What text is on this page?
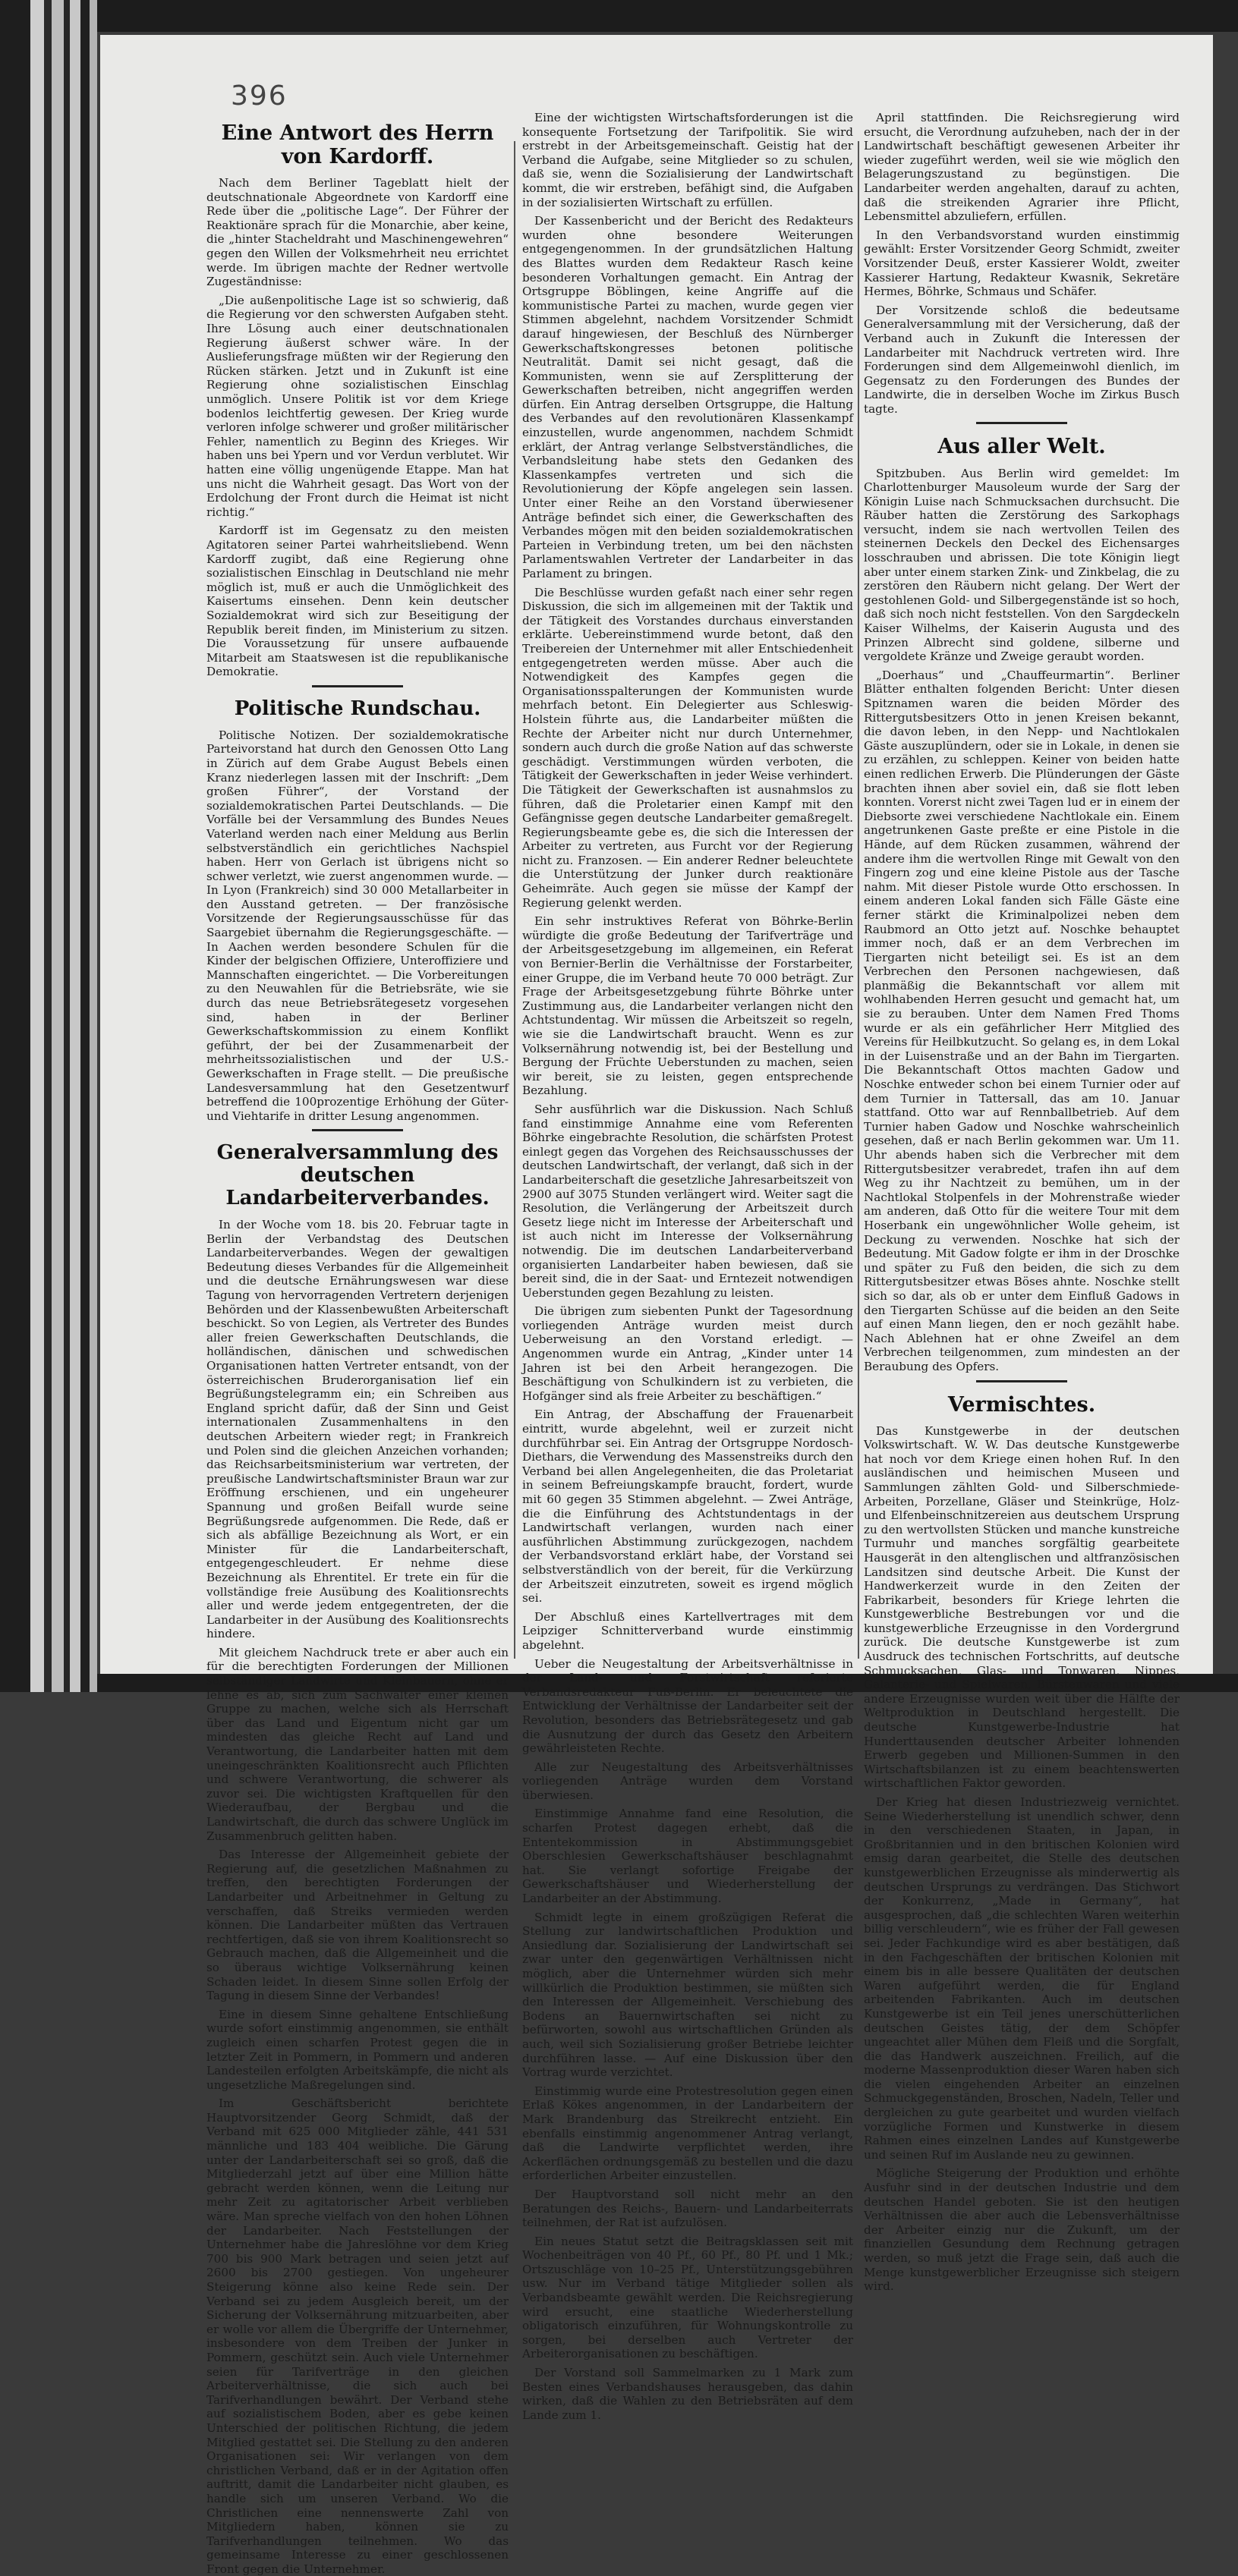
396
Eine Antwort des Herrn von Kardorff.

Nach dem Berliner Tageblatt hielt der deutschnationale Abgeordnete von Kardorff eine Rede über die „politische Lage“. Der Führer der Reaktionäre sprach für die Monarchie, aber keine, die „hinter Stacheldraht und Maschinengewehren“ gegen den Willen der Volksmehrheit neu errichtet werde. Im übrigen machte der Redner wertvolle Zugeständnisse:

„Die außenpolitische Lage ist so schwierig, daß die Regierung vor den schwersten Aufgaben steht. Ihre Lösung auch einer deutschnationalen Regierung äußerst schwer wäre. In der Auslieferungsfrage müßten wir der Regierung den Rücken stärken. Jetzt und in Zukunft ist eine Regierung ohne sozialistischen Einschlag unmöglich. Unsere Politik ist vor dem Kriege bodenlos leichtfertig gewesen. Der Krieg wurde verloren infolge schwerer und großer militärischer Fehler, namentlich zu Beginn des Krieges. Wir haben uns bei Ypern und vor Verdun verblutet. Wir hatten eine völlig ungenügende Etappe. Man hat uns nicht die Wahrheit gesagt. Das Wort von der Erdolchung der Front durch die Heimat ist nicht richtig.“

Kardorff ist im Gegensatz zu den meisten Agitatoren seiner Partei wahrheitsliebend. Wenn Kardorff zugibt, daß eine Regierung ohne sozialistischen Einschlag in Deutschland nie mehr möglich ist, muß er auch die Unmöglichkeit des Kaisertums einsehen. Denn kein deutscher Sozialdemokrat wird sich zur Beseitigung der Republik bereit finden, im Ministerium zu sitzen. Die Voraussetzung für unsere aufbauende Mitarbeit am Staatswesen ist die republikanische Demokratie.

Politische Rundschau.

Politische Notizen. Der sozialdemokratische Parteivorstand hat durch den Genossen Otto Lang in Zürich auf dem Grabe August Bebels einen Kranz niederlegen lassen mit der Inschrift: „Dem großen Führer“, der Vorstand der sozialdemokratischen Partei Deutschlands. — Die Vorfälle bei der Versammlung des Bundes Neues Vaterland werden nach einer Meldung aus Berlin selbstverständlich ein gerichtliches Nachspiel haben. Herr von Gerlach ist übrigens nicht so schwer verletzt, wie zuerst angenommen wurde. — In Lyon (Frankreich) sind 30 000 Metallarbeiter in den Ausstand getreten. — Der französische Vorsitzende der Regierungsausschüsse für das Saargebiet übernahm die Regierungsgeschäfte. — In Aachen werden besondere Schulen für die Kinder der belgischen Offiziere, Unteroffiziere und Mannschaften eingerichtet. — Die Vorbereitungen zu den Neuwahlen für die Betriebsräte, wie sie durch das neue Betriebsrätegesetz vorgesehen sind, haben in der Berliner Gewerkschaftskommission zu einem Konflikt geführt, der bei der Zusammenarbeit der mehrheitssozialistischen und der U.S.-Gewerkschaften in Frage stellt. — Die preußische Landesversammlung hat den Gesetzentwurf betreffend die 100prozentige Erhöhung der Güter- und Viehtarife in dritter Lesung angenommen.

Generalversammlung des deutschen Landarbeiterverbandes.

In der Woche vom 18. bis 20. Februar tagte in Berlin der Verbandstag des Deutschen Landarbeiterverbandes. Wegen der gewaltigen Bedeutung dieses Verbandes für die Allgemeinheit und die deutsche Ernährungswesen war diese Tagung von hervorragenden Vertretern derjenigen Behörden und der Klassenbewußten Arbeiterschaft beschickt. So von Legien, als Vertreter des Bundes aller freien Gewerkschaften Deutschlands, die holländischen, dänischen und schwedischen Organisationen hatten Vertreter entsandt, von der österreichischen Bruderorganisation lief ein Begrüßungstelegramm ein; ein Schreiben aus England spricht dafür, daß der Sinn und Geist internationalen Zusammenhaltens in den deutschen Arbeitern wieder regt; in Frankreich und Polen sind die gleichen Anzeichen vorhanden; das Reichsarbeitsministerium war vertreten, der preußische Landwirtschaftsminister Braun war zur Eröffnung erschienen, und ein ungeheurer Spannung und großen Beifall wurde seine Begrüßungsrede aufgenommen. Die Rede, daß er sich als abfällige Bezeichnung als Wort, er ein Minister für die Landarbeiterschaft, entgegengeschleudert. Er nehme diese Bezeichnung als Ehrentitel. Er trete ein für die vollständige freie Ausübung des Koalitionsrechts aller und werde jedem entgegentreten, der die Landarbeiter in der Ausübung des Koalitionsrechts hindere.

Mit gleichem Nachdruck trete er aber auch ein für die berechtigten Forderungen der Millionen selbständiger Landwirte und Kleinbauern, ohne er lehne es ab, sich zum Sachwalter einer kleinen Gruppe zu machen, welche sich als Herrschaft über das Land und Eigentum nicht gar um mindesten das gleiche Recht auf Land und Verantwortung, die Landarbeiter hatten mit dem uneingeschränkten Koalitionsrecht auch Pflichten und schwere Verantwortung, die schwerer als zuvor sei. Die wichtigsten Kraftquellen für den Wiederaufbau, der Bergbau und die Landwirtschaft, die durch das schwere Unglück im Zusammenbruch gelitten haben.

Das Interesse der Allgemeinheit gebiete der Regierung auf, die gesetzlichen Maßnahmen zu treffen, den berechtigten Forderungen der Landarbeiter und Arbeitnehmer in Geltung zu verschaffen, daß Streiks vermieden werden können. Die Landarbeiter müßten das Vertrauen rechtfertigen, daß sie von ihrem Koalitionsrecht so Gebrauch machen, daß die Allgemeinheit und die so überaus wichtige Volksernährung keinen Schaden leidet. In diesem Sinne sollen Erfolg der Tagung in diesem Sinne der Verbandes!

Eine in diesem Sinne gehaltene Entschließung wurde sofort einstimmig angenommen, sie enthält zugleich einen scharfen Protest gegen die in letzter Zeit in Pommern, in Pommern und anderen Landesteilen erfolgten Arbeitskämpfe, die nicht als ungesetzliche Maßregelungen sind.

Im Geschäftsbericht berichtete Hauptvorsitzender Georg Schmidt, daß der Verband mit 625 000 Mitglieder zähle, 441 531 männliche und 183 404 weibliche. Die Gärung unter der Landarbeiterschaft sei so groß, daß die Mitgliederzahl jetzt auf über eine Million hätte gebracht werden können, wenn die Leitung nur mehr Zeit zu agitatorischer Arbeit verblieben wäre. Man spreche vielfach von den hohen Löhnen der Landarbeiter. Nach Feststellungen der Unternehmer habe die Jahreslöhne vor dem Krieg 700 bis 900 Mark betragen und seien jetzt auf 2600 bis 2700 gestiegen. Von ungeheurer Steigerung könne also keine Rede sein. Der Verband sei zu jedem Ausgleich bereit, um der Sicherung der Volksernährung mitzuarbeiten, aber er wolle vor allem die Übergriffe der Unternehmer, insbesondere von dem Treiben der Junker in Pommern, geschützt sein. Auch viele Unternehmer seien für Tarifverträge in den gleichen Arbeiterverhältnisse, die sich auch bei Tarifverhandlungen bewährt. Der Verband stehe auf sozialistischem Boden, aber es gebe keinen Unterschied der politischen Richtung, die jedem Mitglied gestattet sei. Die Stellung zu den anderen Organisationen sei: Wir verlangen von dem christlichen Verband, daß er in der Agitation offen auftritt, damit die Landarbeiter nicht glauben, es handle sich um unseren Verband. Wo die Christlichen eine nennenswerte Zahl von Mitgliedern haben, können sie zu Tarifverhandlungen teilnehmen. Wo das gemeinsame Interesse zu einer geschlossenen Front gegen die Unternehmer.

Eine der wichtigsten Wirtschaftsforderungen ist die konsequente Fortsetzung der Tarifpolitik. Sie wird erstrebt in der Arbeitsgemeinschaft. Geistig hat der Verband die Aufgabe, seine Mitglieder so zu schulen, daß sie, wenn die Sozialisierung der Landwirtschaft kommt, die wir erstreben, befähigt sind, die Aufgaben in der sozialisierten Wirtschaft zu erfüllen.

Der Kassenbericht und der Bericht des Redakteurs wurden ohne besondere Weiterungen entgegengenommen. In der grundsätzlichen Haltung des Blattes wurden dem Redakteur Rasch keine besonderen Vorhaltungen gemacht. Ein Antrag der Ortsgruppe Böblingen, keine Angriffe auf die kommunistische Partei zu machen, wurde gegen vier Stimmen abgelehnt, nachdem Vorsitzender Schmidt darauf hingewiesen, der Beschluß des Nürnberger Gewerkschaftskongresses betonen politische Neutralität. Damit sei nicht gesagt, daß die Kommunisten, wenn sie auf Zersplitterung der Gewerkschaften betreiben, nicht angegriffen werden dürfen. Ein Antrag derselben Ortsgruppe, die Haltung des Verbandes auf den revolutionären Klassenkampf einzustellen, wurde angenommen, nachdem Schmidt erklärt, der Antrag verlange Selbstverständliches, die Verbandsleitung habe stets den Gedanken des Klassenkampfes vertreten und sich die Revolutionierung der Köpfe angelegen sein lassen. Unter einer Reihe an den Vorstand überwiesener Anträge befindet sich einer, die Gewerkschaften des Verbandes mögen mit den beiden sozialdemokratischen Parteien in Verbindung treten, um bei den nächsten Parlamentswahlen Vertreter der Landarbeiter in das Parlament zu bringen.

Die Beschlüsse wurden gefaßt nach einer sehr regen Diskussion, die sich im allgemeinen mit der Taktik und der Tätigkeit des Vorstandes durchaus einverstanden erklärte. Uebereinstimmend wurde betont, daß den Treibereien der Unternehmer mit aller Entschiedenheit entgegengetreten werden müsse. Aber auch die Notwendigkeit des Kampfes gegen die Organisationsspalterungen der Kommunisten wurde mehrfach betont. Ein Delegierter aus Schleswig-Holstein führte aus, die Landarbeiter müßten die Rechte der Arbeiter nicht nur durch Unternehmer, sondern auch durch die große Nation auf das schwerste geschädigt. Verstimmungen würden verboten, die Tätigkeit der Gewerkschaften in jeder Weise verhindert. Die Tätigkeit der Gewerkschaften ist ausnahmslos zu führen, daß die Proletarier einen Kampf mit den Gefängnisse gegen deutsche Landarbeiter gemaßregelt. Regierungsbeamte gebe es, die sich die Interessen der Arbeiter zu vertreten, aus Furcht vor der Regierung nicht zu. Franzosen. — Ein anderer Redner beleuchtete die Unterstützung der Junker durch reaktionäre Geheimräte. Auch gegen sie müsse der Kampf der Regierung gelenkt werden.

Ein sehr instruktives Referat von Böhrke-Berlin würdigte die große Bedeutung der Tarifverträge und der Arbeitsgesetzgebung im allgemeinen, ein Referat von Bernier-Berlin die Verhältnisse der Forstarbeiter, einer Gruppe, die im Verband heute 70 000 beträgt. Zur Frage der Arbeitsgesetzgebung führte Böhrke unter Zustimmung aus, die Landarbeiter verlangen nicht den Achtstundentag. Wir müssen die Arbeitszeit so regeln, wie sie die Landwirtschaft braucht. Wenn es zur Volksernährung notwendig ist, bei der Bestellung und Bergung der Früchte Ueberstunden zu machen, seien wir bereit, sie zu leisten, gegen entsprechende Bezahlung.

Sehr ausführlich war die Diskussion. Nach Schluß fand einstimmige Annahme eine vom Referenten Böhrke eingebrachte Resolution, die schärfsten Protest einlegt gegen das Vorgehen des Reichsausschusses der deutschen Landwirtschaft, der verlangt, daß sich in der Landarbeiterschaft die gesetzliche Jahresarbeitszeit von 2900 auf 3075 Stunden verlängert wird. Weiter sagt die Resolution, die Verlängerung der Arbeitszeit durch Gesetz liege nicht im Interesse der Arbeiterschaft und ist auch nicht im Interesse der Volksernährung notwendig. Die im deutschen Landarbeiterverband organisierten Landarbeiter haben bewiesen, daß sie bereit sind, die in der Saat- und Erntezeit notwendigen Ueberstunden gegen Bezahlung zu leisten.

Die übrigen zum siebenten Punkt der Tagesordnung vorliegenden Anträge wurden meist durch Ueberweisung an den Vorstand erledigt. — Angenommen wurde ein Antrag, „Kinder unter 14 Jahren ist bei den Arbeit herangezogen. Die Beschäftigung von Schulkindern ist zu verbieten, die Hofgänger sind als freie Arbeiter zu beschäftigen.“

Ein Antrag, der Abschaffung der Frauenarbeit eintritt, wurde abgelehnt, weil er zurzeit nicht durchführbar sei. Ein Antrag der Ortsgruppe Nordosch-Diethars, die Verwendung des Massenstreiks durch den Verband bei allen Angelegenheiten, die das Proletariat in seinem Befreiungskampfe braucht, fordert, wurde mit 60 gegen 35 Stimmen abgelehnt. — Zwei Anträge, die die Einführung des Achtstundentags in der Landwirtschaft verlangen, wurden nach einer ausführlichen Abstimmung zurückgezogen, nachdem der Verbandsvorstand erklärt habe, der Vorstand sei selbstverständlich von der bereit, für die Verkürzung der Arbeitszeit einzutreten, soweit es irgend möglich sei.

Der Abschluß eines Kartellvertrages mit dem Leipziger Schnitterverband wurde einstimmig abgelehnt.

Ueber die Neugestaltung der Arbeitsverhältnisse in der Land- und Forstwirtschaft referierte Verbandsredakteur Fuß-Berlin. Er beleuchtete die Entwicklung der Verhältnisse der Landarbeiter seit der Revolution, besonders das Betriebsrätegesetz und gab die Ausnutzung der durch das Gesetz den Arbeitern gewährleisteten Rechte.

Alle zur Neugestaltung des Arbeitsverhältnisses vorliegenden Anträge wurden dem Vorstand überwiesen.

Einstimmige Annahme fand eine Resolution, die scharfen Protest dagegen erhebt, daß die Ententekommission in Abstimmungsgebiet Oberschlesien Gewerkschaftshäuser beschlagnahmt hat. Sie verlangt sofortige Freigabe der Gewerkschaftshäuser und Wiederherstellung der Landarbeiter an der Abstimmung.

Schmidt legte in einem großzügigen Referat die Stellung zur landwirtschaftlichen Produktion und Ansiedlung dar. Sozialisierung der Landwirtschaft sei zwar unter den gegenwärtigen Verhältnissen nicht möglich, aber die Unternehmer würden sich mehr willkürlich die Produktion bestimmen, sie müßten sich den Interessen der Allgemeinheit. Verschiebung des Bodens an Bauernwirtschaften sei nicht zu befürworten, sowohl aus wirtschaftlichen Gründen als auch, weil sich Sozialisierung großer Betriebe leichter durchführen lasse. — Auf eine Diskussion über den Vortrag wurde verzichtet.

Einstimmig wurde eine Protestresolution gegen einen Erlaß Kökes angenommen, in der Landarbeitern der Mark Brandenburg das Streikrecht entzieht. Ein ebenfalls einstimmig angenommener Antrag verlangt, daß die Landwirte verpflichtet werden, ihre Ackerflächen ordnungsgemäß zu bestellen und die dazu erforderlichen Arbeiter einzustellen.

Der Hauptvorstand soll nicht mehr an den Beratungen des Reichs-, Bauern- und Landarbeiterrats teilnehmen, der Rat ist aufzulösen.

Ein neues Statut setzt die Beitragsklassen seit mit Wochenbeiträgen von 40 Pf., 60 Pf., 80 Pf. und 1 Mk.; Ortszuschläge von 10–25 Pf., Unterstützungsgebühren usw. Nur im Verband tätige Mitglieder sollen als Verbandsbeamte gewählt werden. Die Reichsregierung wird ersucht, eine staatliche Wiederherstellung obligatorisch einzuführen, für Wohnungskontrolle zu sorgen, bei derselben auch Vertreter der Arbeiterorganisationen zu beschäftigen.

Der Vorstand soll Sammelmarken zu 1 Mark zum Besten eines Verbandshauses herausgeben, das dahin wirken, daß die Wahlen zu den Betriebsräten auf dem Lande zum 1.

April stattfinden. Die Reichsregierung wird ersucht, die Verordnung aufzuheben, nach der in der Landwirtschaft beschäftigt gewesenen Arbeiter ihr wieder zugeführt werden, weil sie wie möglich den Belagerungszustand zu begünstigen. Die Landarbeiter werden angehalten, darauf zu achten, daß die streikenden Agrarier ihre Pflicht, Lebensmittel abzuliefern, erfüllen.

In den Verbandsvorstand wurden einstimmig gewählt: Erster Vorsitzender Georg Schmidt, zweiter Vorsitzender Deuß, erster Kassierer Woldt, zweiter Kassierer Hartung, Redakteur Kwasnik, Sekretäre Hermes, Böhrke, Schmaus und Schäfer.

Der Vorsitzende schloß die bedeutsame Generalversammlung mit der Versicherung, daß der Verband auch in Zukunft die Interessen der Landarbeiter mit Nachdruck vertreten wird. Ihre Forderungen sind dem Allgemeinwohl dienlich, im Gegensatz zu den Forderungen des Bundes der Landwirte, die in derselben Woche im Zirkus Busch tagte.

Aus aller Welt.

Spitzbuben. Aus Berlin wird gemeldet: Im Charlottenburger Mausoleum wurde der Sarg der Königin Luise nach Schmucksachen durchsucht. Die Räuber hatten die Zerstörung des Sarkophags versucht, indem sie nach wertvollen Teilen des steinernen Deckels den Deckel des Eichensarges losschrauben und abrissen. Die tote Königin liegt aber unter einem starken Zink- und Zinkbelag, die zu zerstören den Räubern nicht gelang. Der Wert der gestohlenen Gold- und Silbergegenstände ist so hoch, daß sich noch nicht feststellen. Von den Sargdeckeln Kaiser Wilhelms, der Kaiserin Augusta und des Prinzen Albrecht sind goldene, silberne und vergoldete Kränze und Zweige geraubt worden.

„Doerhaus“ und „Chauffeurmartin“. Berliner Blätter enthalten folgenden Bericht: Unter diesen Spitznamen waren die beiden Mörder des Rittergutsbesitzers Otto in jenen Kreisen bekannt, die davon leben, in den Nepp- und Nachtlokalen Gäste auszuplündern, oder sie in Lokale, in denen sie zu erzählen, zu schleppen. Keiner von beiden hatte einen redlichen Erwerb. Die Plünderungen der Gäste brachten ihnen aber soviel ein, daß sie flott leben konnten. Vorerst nicht zwei Tagen lud er in einem der Diebsorte zwei verschiedene Nachtlokale ein. Einem angetrunkenen Gaste preßte er eine Pistole in die Hände, auf dem Rücken zusammen, während der andere ihm die wertvollen Ringe mit Gewalt von den Fingern zog und eine kleine Pistole aus der Tasche nahm. Mit dieser Pistole wurde Otto erschossen. In einem anderen Lokal fanden sich Fälle Gäste eine ferner stärkt die Kriminalpolizei neben dem Raubmord an Otto jetzt auf. Noschke behauptet immer noch, daß er an dem Verbrechen im Tiergarten nicht beteiligt sei. Es ist an dem Verbrechen den Personen nachgewiesen, daß planmäßig die Bekanntschaft vor allem mit wohlhabenden Herren gesucht und gemacht hat, um sie zu berauben. Unter dem Namen Fred Thoms wurde er als ein gefährlicher Herr Mitglied des Vereins für Heilbkutzucht. So gelang es, in dem Lokal in der Luisenstraße und an der Bahn im Tiergarten. Die Bekanntschaft Ottos machten Gadow und Noschke entweder schon bei einem Turnier oder auf dem Turnier in Tattersall, das am 10. Januar stattfand. Otto war auf Rennballbetrieb. Auf dem Turnier haben Gadow und Noschke wahrscheinlich gesehen, daß er nach Berlin gekommen war. Um 11. Uhr abends haben sich die Verbrecher mit dem Rittergutsbesitzer verabredet, trafen ihn auf dem Weg zu ihr Nachtzeit zu bemühen, um in der Nachtlokal Stolpenfels in der Mohrenstraße wieder am anderen, daß Otto für die weitere Tour mit dem Hoserbank ein ungewöhnlicher Wolle geheim, ist Deckung zu verwenden. Noschke hat sich der Bedeutung. Mit Gadow folgte er ihm in der Droschke und später zu Fuß den beiden, die sich zu dem Rittergutsbesitzer etwas Böses ahnte. Noschke stellt sich so dar, als ob er unter dem Einfluß Gadows in den Tiergarten Schüsse auf die beiden an den Seite auf einen Mann liegen, den er noch gezählt habe. Nach Ablehnen hat er ohne Zweifel an dem Verbrechen teilgenommen, zum mindesten an der Beraubung des Opfers.

Vermischtes.

Das Kunstgewerbe in der deutschen Volkswirtschaft. W. W. Das deutsche Kunstgewerbe hat noch vor dem Kriege einen hohen Ruf. In den ausländischen und heimischen Museen und Sammlungen zählten Gold- und Silberschmiede-Arbeiten, Porzellane, Gläser und Steinkrüge, Holz- und Elfenbeinschnitzereien aus deutschem Ursprung zu den wertvollsten Stücken und manche kunstreiche Turmuhr und manches sorgfältig gearbeitete Hausgerät in den altenglischen und altfranzösischen Landsitzen sind deutsche Arbeit. Die Kunst der Handwerkerzeit wurde in den Zeiten der Fabrikarbeit, besonders für Kriege lehrten die Kunstgewerbliche Bestrebungen vor und die kunstgewerbliche Erzeugnisse in den Vordergrund zurück. Die deutsche Kunstgewerbe ist zum Ausdruck des technischen Fortschritts, auf deutsche Schmucksachen, Glas- und Tonwaren, Nippes, Galanterie- und Spielwaren, Bürstenwaren und viele andere Erzeugnisse wurden weit über die Hälfte der Weltproduktion in Deutschland hergestellt. Die deutsche Kunstgewerbe-Industrie hat Hunderttausenden deutscher Arbeiter lohnenden Erwerb gegeben und Millionen-Summen in den Wirtschaftsbilanzen ist zu einem beachtenswerten wirtschaftlichen Faktor geworden.

Der Krieg hat diesen Industriezweig vernichtet. Seine Wiederherstellung ist unendlich schwer, denn in den verschiedenen Staaten, in Japan, in Großbritannien und in den britischen Kolonien wird emsig daran gearbeitet, die Stelle des deutschen kunstgewerblichen Erzeugnisse als minderwertig als deutschen Ursprungs zu verdrängen. Das Stichwort der Konkurrenz, „Made in Germany“, hat ausgesprochen, daß „die schlechten Waren weiterhin billig verschleudern“, wie es früher der Fall gewesen sei. Jeder Fachkundige wird es aber bestätigen, daß in den Fachgeschäften der britischen Kolonien mit einem bis in alle bessere Qualitäten der deutschen Waren aufgeführt werden, die für England arbeitenden Fabrikanten. Auch im deutschen Kunstgewerbe ist ein Teil jenes unerschütterlichen deutschen Geistes tätig, der dem Schöpfer ungeachtet aller Mühen dem Fleiß und die Sorgfalt, die das Handwerk auszeichnen. Freilich, auf die moderne Massenproduktion dieser Waren haben sich die vielen eingehenden Arbeiter an einzelnen Schmuckgegenständen, Broschen, Nadeln, Teller und dergleichen zu gute gearbeitet und wurden vielfach vorzügliche Formen und Kunstwerke in diesem Rahmen eines einzelnen Landes auf Kunstgewerbe und seinen Ruf im Auslande neu zu gewinnen.

Mögliche Steigerung der Produktion und erhöhte Ausfuhr sind in der deutschen Industrie und dem deutschen Handel geboten. Sie ist den heutigen Verhältnissen die aber auch die Lebensverhältnisse der Arbeiter einzig nur die Zukunft, um der finanziellen Gesundung dem Rechnung getragen werden, so muß jetzt die Frage sein, daß auch die Menge kunstgewerblicher Erzeugnisse sich steigern wird.
